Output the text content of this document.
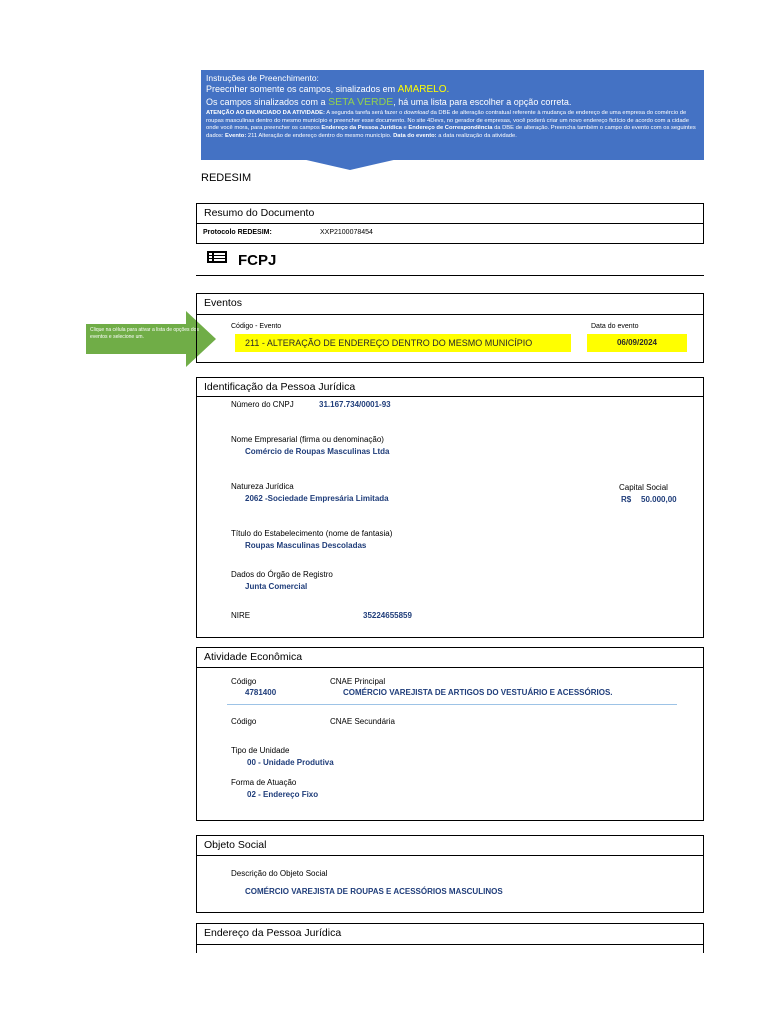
Instruções de Preenchimento:
Preecnher somente os campos, sinalizados em AMARELO.
Os campos sinalizados com a SETA VERDE, há uma lista para escolher a opção correta.
ATENÇÃO AO ENUNCIADO DA ATIVIDADE: A segunda tarefa será fazer o download da DBE de alteração contratual referente à mudança de endereço de uma empresa do comércio de roupas masculinas dentro do mesmo município e preencher esse documento. No site 4Devs, no gerador de empresas, você poderá criar um novo endereço fictício de acordo com a cidade onde você mora, para preencher os campos Endereço da Pessoa Jurídica e Endereço de Correspondência da DBE de alteração. Preencha também o campo do evento com os seguintes dados: Evento: 211 Alteração de endereço dentro do mesmo município. Data do evento: a data realização da atividade.
REDESIM
Resumo do Documento
Protocolo REDESIM:	XXP2100078454
FCPJ
Clique na célula para ativar a lista de opções dos eventos e selecione um.
Eventos
Código - Evento
211 - ALTERAÇÃO DE ENDEREÇO DENTRO DO MESMO MUNICÍPIO
Data do evento
06/09/2024
Identificação da Pessoa Jurídica
Número do CNPJ	31.167.734/0001-93
Nome Empresarial (firma ou denominação)
Comércio de Roupas Masculinas Ltda
Natureza Jurídica
2062 -Sociedade Empresária Limitada
Capital Social
R$ 50.000,00
Título do Estabelecimento (nome de fantasia)
Roupas Masculinas Descoladas
Dados do Órgão de Registro
Junta Comercial
NIRE	35224655859
Atividade Econômica
Código	CNAE Principal
4781400	COMÉRCIO VAREJISTA DE ARTIGOS DO VESTUÁRIO E ACESSÓRIOS.
Código	CNAE Secundária
Tipo de Unidade
00 - Unidade Produtiva
Forma de Atuação
02 - Endereço Fixo
Objeto Social
Descrição do Objeto Social
COMÉRCIO VAREJISTA DE ROUPAS E ACESSÓRIOS MASCULINOS
Endereço da Pessoa Jurídica
